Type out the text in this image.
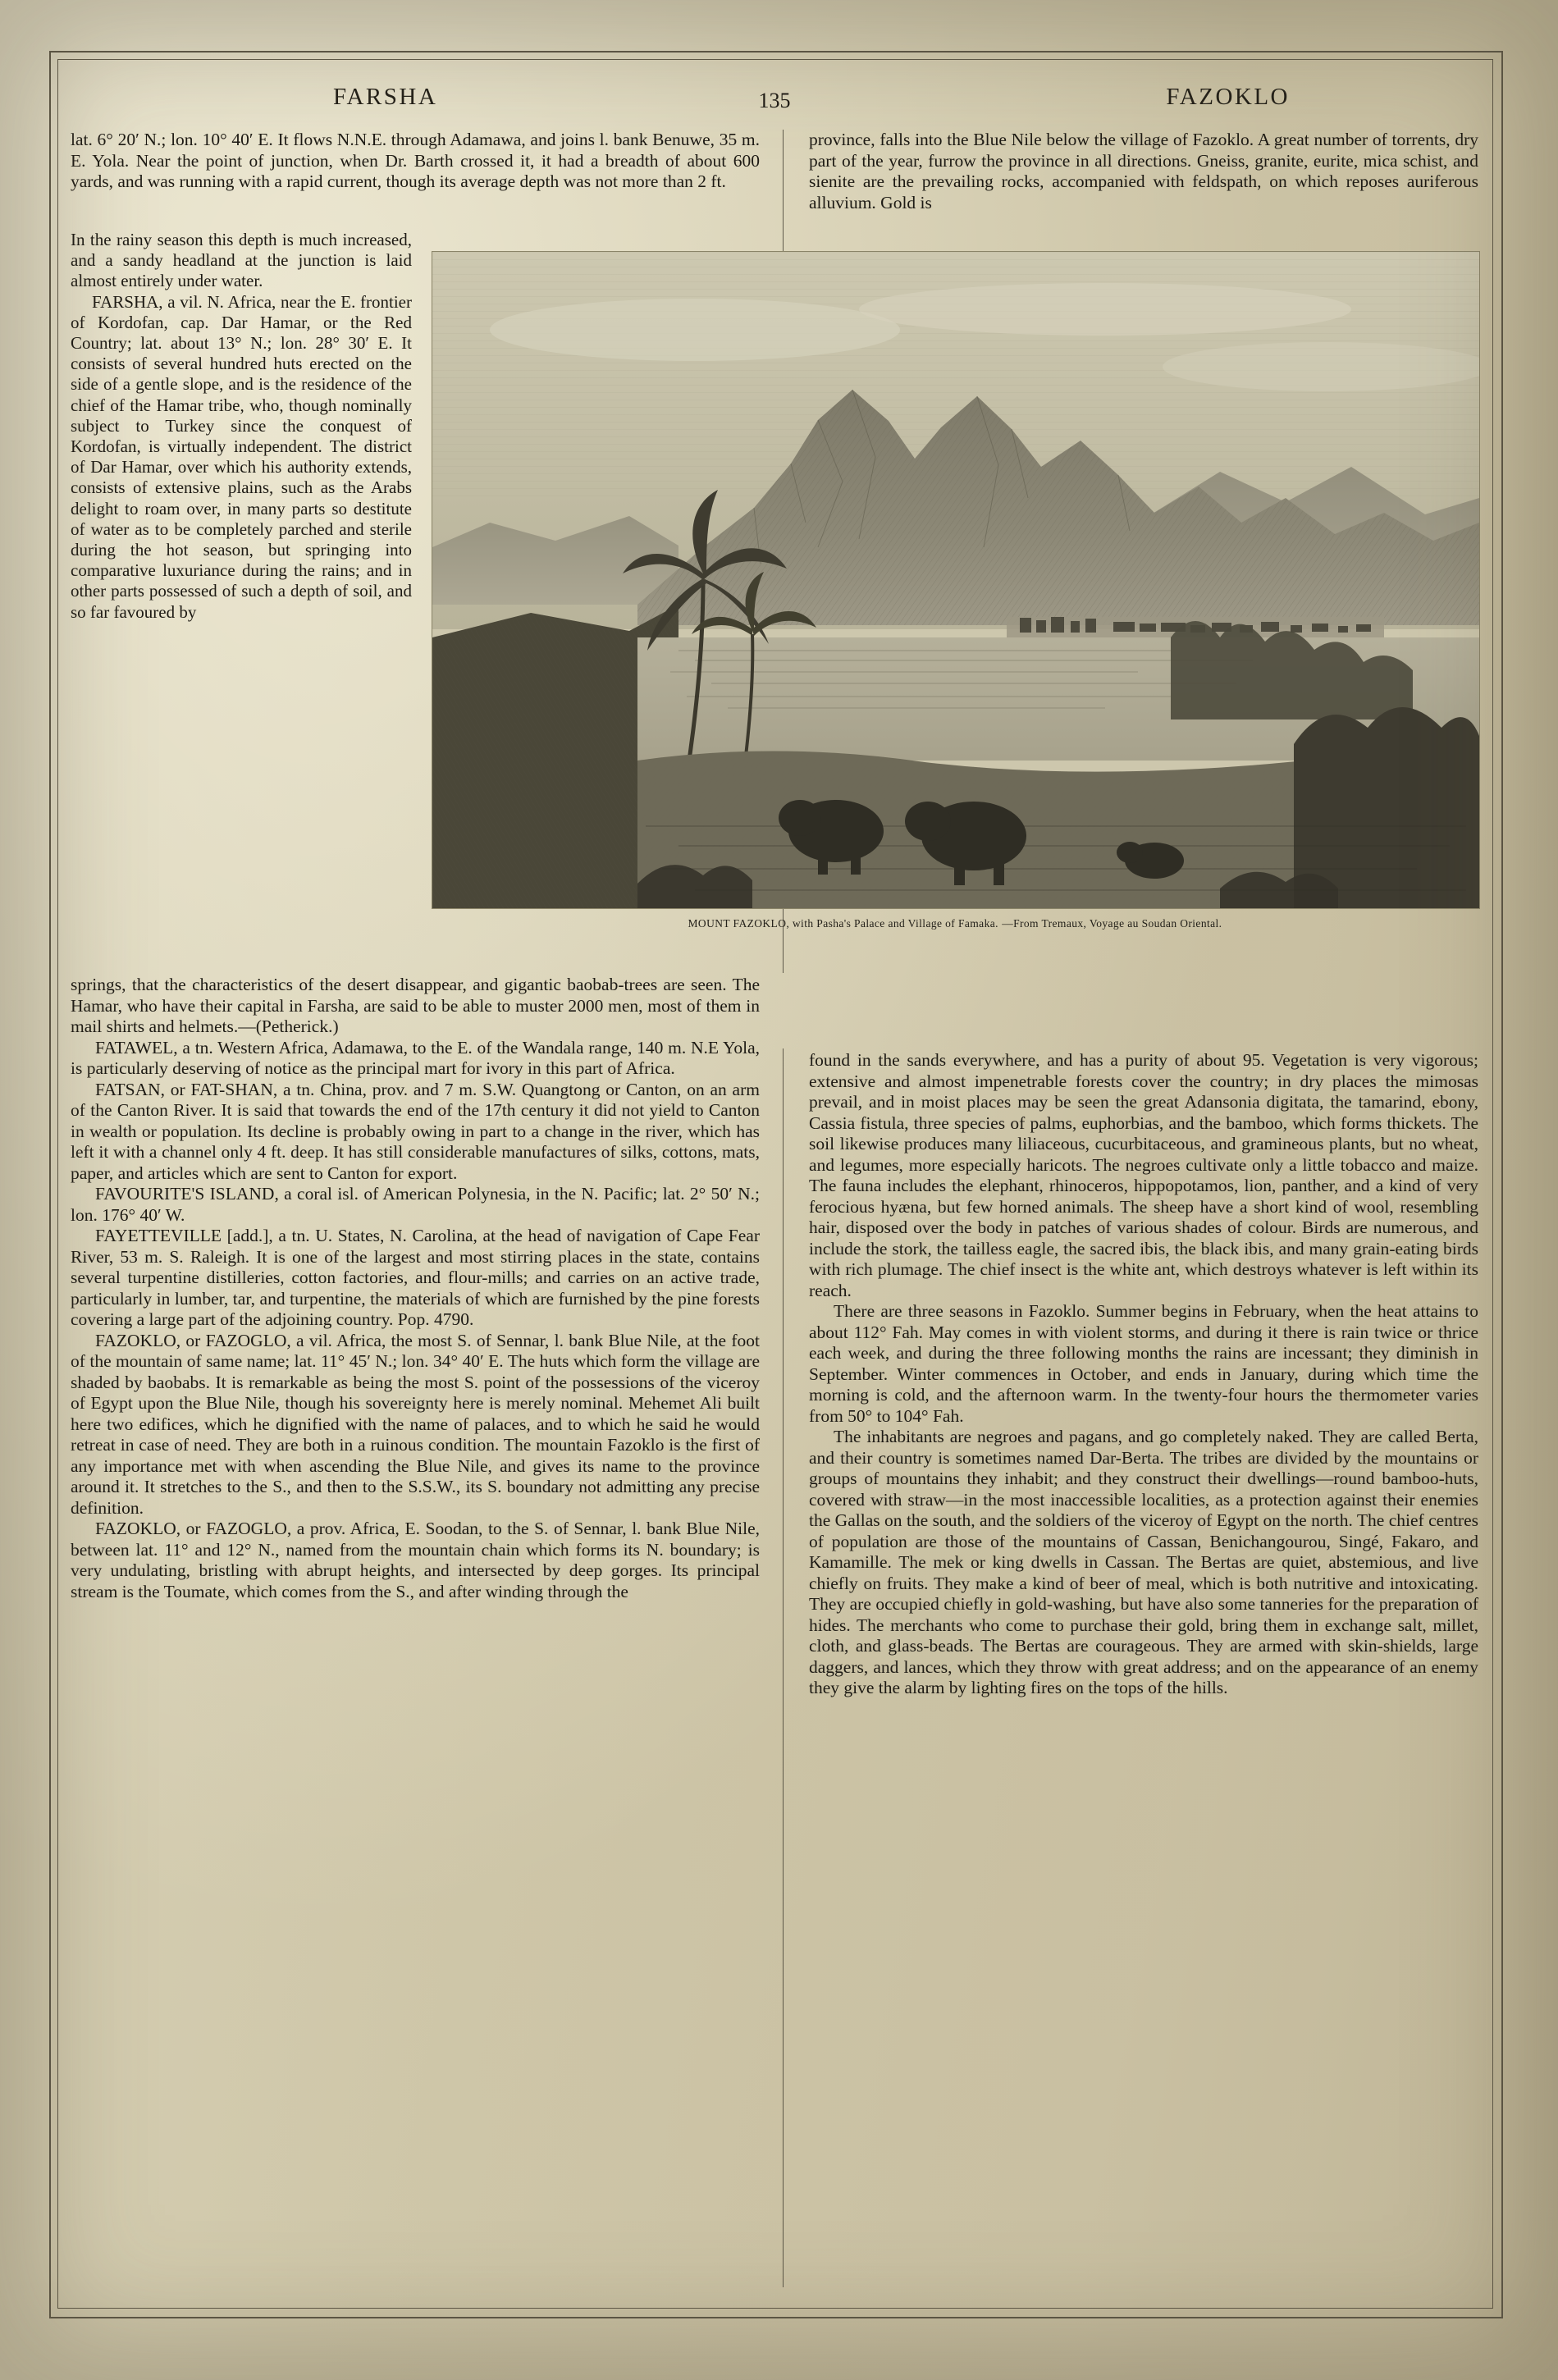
FARSHA	135	FAZOKLO

lat. 6° 20′ N.; lon. 10° 40′ E. It flows N.N.E. through Adamawa, and joins l. bank Benuwe, 35 m. E. Yola. Near the point of junction, when Dr. Barth crossed it, it had a breadth of about 600 yards, and was running with a rapid current, though its average depth was not more than 2 ft.

province, falls into the Blue Nile below the village of Fazoklo. A great number of torrents, dry part of the year, furrow the province in all directions. Gneiss, granite, eurite, mica schist, and sienite are the prevailing rocks, accompanied with feldspath, on which reposes auriferous alluvium. Gold is

In the rainy season this depth is much increased, and a sandy headland at the junction is laid almost entirely under water.

FARSHA, a vil. N. Africa, near the E. frontier of Kordofan, cap. Dar Hamar, or the Red Country; lat. about 13° N.; lon. 28° 30′ E. It consists of several hundred huts erected on the side of a gentle slope, and is the residence of the chief of the Hamar tribe, who, though nominally subject to Turkey since the conquest of Kordofan, is virtually independent. The district of Dar Hamar, over which his authority extends, consists of extensive plains, such as the Arabs delight to roam over, in many parts so destitute of water as to be completely parched and sterile during the hot season, but springing into comparative luxuriance during the rains; and in other parts possessed of such a depth of soil, and so far favoured by

MOUNT FAZOKLO, with Pasha's Palace and Village of Famaka. —From Tremaux, Voyage au Soudan Oriental.

springs, that the characteristics of the desert disappear, and gigantic baobab-trees are seen. The Hamar, who have their capital in Farsha, are said to be able to muster 2000 men, most of them in mail shirts and helmets.—(Petherick.)

FATAWEL, a tn. Western Africa, Adamawa, to the E. of the Wandala range, 140 m. N.E Yola, is particularly deserving of notice as the principal mart for ivory in this part of Africa.

FATSAN, or FAT-SHAN, a tn. China, prov. and 7 m. S.W. Quangtong or Canton, on an arm of the Canton River. It is said that towards the end of the 17th century it did not yield to Canton in wealth or population. Its decline is probably owing in part to a change in the river, which has left it with a channel only 4 ft. deep. It has still considerable manufactures of silks, cottons, mats, paper, and articles which are sent to Canton for export.

FAVOURITE'S ISLAND, a coral isl. of American Polynesia, in the N. Pacific; lat. 2° 50′ N.; lon. 176° 40′ W.

FAYETTEVILLE [add.], a tn. U. States, N. Carolina, at the head of navigation of Cape Fear River, 53 m. S. Raleigh. It is one of the largest and most stirring places in the state, contains several turpentine distilleries, cotton factories, and flour-mills; and carries on an active trade, particularly in lumber, tar, and turpentine, the materials of which are furnished by the pine forests covering a large part of the adjoining country. Pop. 4790.

FAZOKLO, or FAZOGLO, a vil. Africa, the most S. of Sennar, l. bank Blue Nile, at the foot of the mountain of same name; lat. 11° 45′ N.; lon. 34° 40′ E. The huts which form the village are shaded by baobabs. It is remarkable as being the most S. point of the possessions of the viceroy of Egypt upon the Blue Nile, though his sovereignty here is merely nominal. Mehemet Ali built here two edifices, which he dignified with the name of palaces, and to which he said he would retreat in case of need. They are both in a ruinous condition. The mountain Fazoklo is the first of any importance met with when ascending the Blue Nile, and gives its name to the province around it. It stretches to the S., and then to the S.S.W., its S. boundary not admitting any precise definition.

FAZOKLO, or FAZOGLO, a prov. Africa, E. Soodan, to the S. of Sennar, l. bank Blue Nile, between lat. 11° and 12° N., named from the mountain chain which forms its N. boundary; is very undulating, bristling with abrupt heights, and intersected by deep gorges. Its principal stream is the Toumate, which comes from the S., and after winding through the

found in the sands everywhere, and has a purity of about 95. Vegetation is very vigorous; extensive and almost impenetrable forests cover the country; in dry places the mimosas prevail, and in moist places may be seen the great Adansonia digitata, the tamarind, ebony, Cassia fistula, three species of palms, euphorbias, and the bamboo, which forms thickets. The soil likewise produces many liliaceous, cucurbitaceous, and gramineous plants, but no wheat, and legumes, more especially haricots. The negroes cultivate only a little tobacco and maize. The fauna includes the elephant, rhinoceros, hippopotamos, lion, panther, and a kind of very ferocious hyæna, but few horned animals. The sheep have a short kind of wool, resembling hair, disposed over the body in patches of various shades of colour. Birds are numerous, and include the stork, the tailless eagle, the sacred ibis, the black ibis, and many grain-eating birds with rich plumage. The chief insect is the white ant, which destroys whatever is left within its reach.

There are three seasons in Fazoklo. Summer begins in February, when the heat attains to about 112° Fah. May comes in with violent storms, and during it there is rain twice or thrice each week, and during the three following months the rains are incessant; they diminish in September. Winter commences in October, and ends in January, during which time the morning is cold, and the afternoon warm. In the twenty-four hours the thermometer varies from 50° to 104° Fah.

The inhabitants are negroes and pagans, and go completely naked. They are called Berta, and their country is sometimes named Dar-Berta. The tribes are divided by the mountains or groups of mountains they inhabit; and they construct their dwellings—round bamboo-huts, covered with straw—in the most inaccessible localities, as a protection against their enemies the Gallas on the south, and the soldiers of the viceroy of Egypt on the north. The chief centres of population are those of the mountains of Cassan, Benichangourou, Singé, Fakaro, and Kamamille. The mek or king dwells in Cassan. The Bertas are quiet, abstemious, and live chiefly on fruits. They make a kind of beer of meal, which is both nutritive and intoxicating. They are occupied chiefly in gold-washing, but have also some tanneries for the preparation of hides. The merchants who come to purchase their gold, bring them in exchange salt, millet, cloth, and glass-beads. The Bertas are courageous. They are armed with skin-shields, large daggers, and lances, which they throw with great address; and on the appearance of an enemy they give the alarm by lighting fires on the tops of the hills.
